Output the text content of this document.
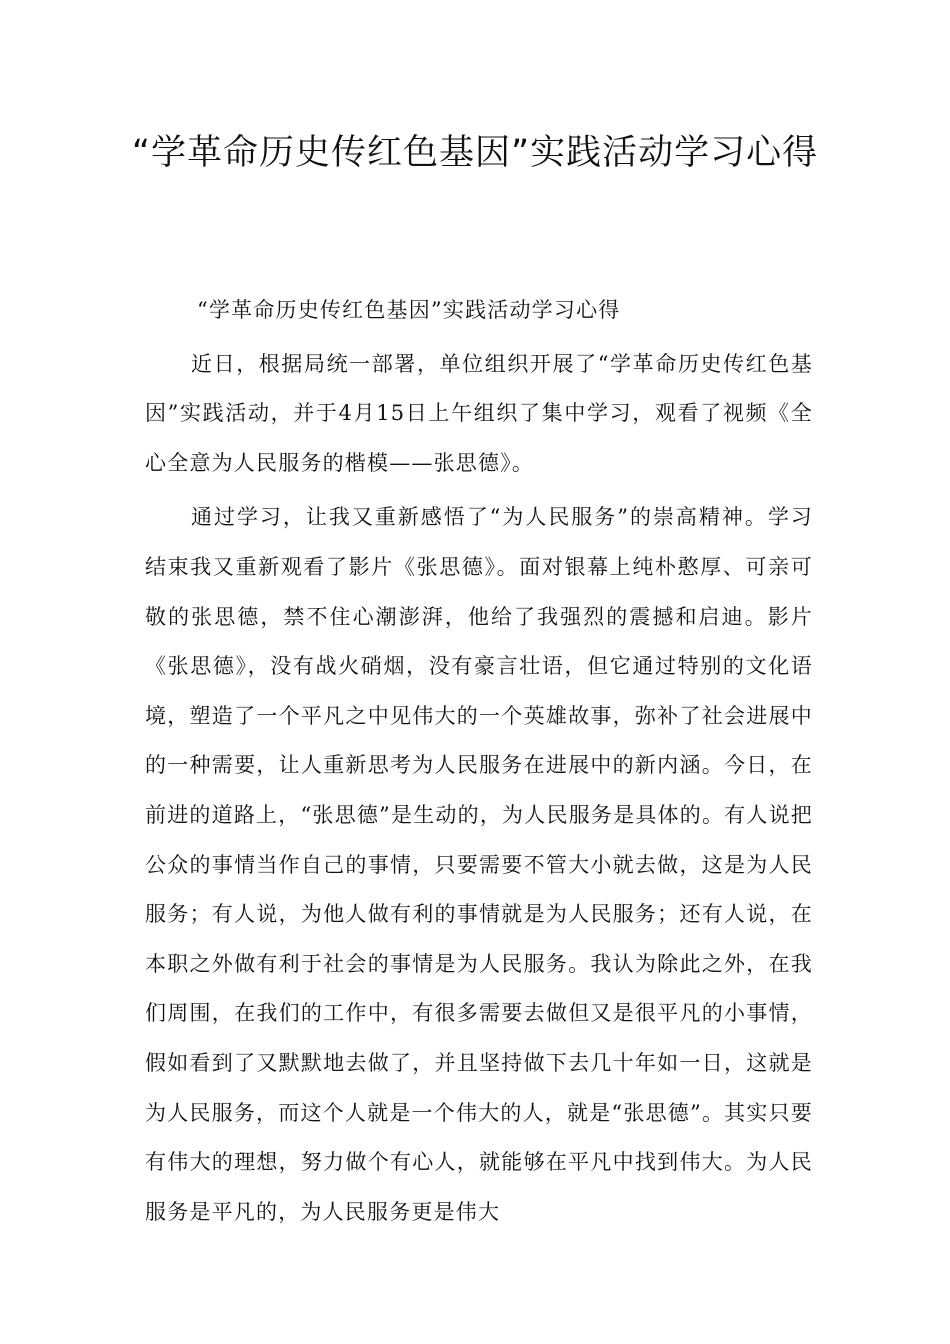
“学革命历史传红色基因”实践活动学习心得

“学革命历史传红色基因”实践活动学习心得

近日，根据局统一部署，单位组织开展了“学革命历史传红色基因”实践活动，并于4月15日上午组织了集中学习，观看了视频《全心全意为人民服务的楷模——张思德》。

通过学习，让我又重新感悟了“为人民服务”的崇高精神。学习结束我又重新观看了影片《张思德》。面对银幕上纯朴憨厚、可亲可敬的张思德，禁不住心潮澎湃，他给了我强烈的震撼和启迪。影片《张思德》，没有战火硝烟，没有豪言壮语，但它通过特别的文化语境，塑造了一个平凡之中见伟大的一个英雄故事，弥补了社会进展中的一种需要，让人重新思考为人民服务在进展中的新内涵。今日，在前进的道路上，“张思德”是生动的，为人民服务是具体的。有人说把公众的事情当作自己的事情，只要需要不管大小就去做，这是为人民服务；有人说，为他人做有利的事情就是为人民服务；还有人说，在本职之外做有利于社会的事情是为人民服务。我认为除此之外，在我们周围，在我们的工作中，有很多需要去做但又是很平凡的小事情，假如看到了又默默地去做了，并且坚持做下去几十年如一日，这就是为人民服务，而这个人就是一个伟大的人，就是“张思德”。其实只要有伟大的理想，努力做个有心人，就能够在平凡中找到伟大。为人民服务是平凡的，为人民服务更是伟大
